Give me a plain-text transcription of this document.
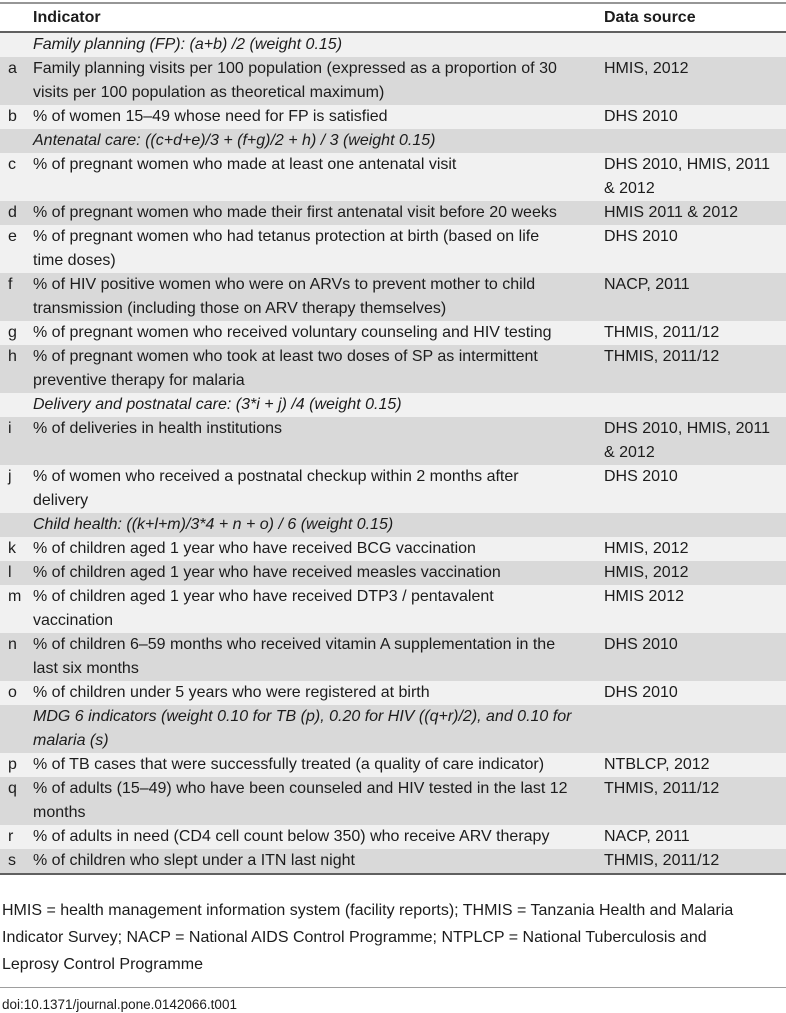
	Indicator	Data source
	Family planning (FP): (a+b) /2 (weight 0.15)	
a	Family planning visits per 100 population (expressed as a proportion of 30 visits per 100 population as theoretical maximum)	HMIS, 2012
b	% of women 15–49 whose need for FP is satisfied	DHS 2010
	Antenatal care: ((c+d+e)/3 + (f+g)/2 + h) / 3 (weight 0.15)	
c	% of pregnant women who made at least one antenatal visit	DHS 2010, HMIS, 2011 & 2012
d	% of pregnant women who made their first antenatal visit before 20 weeks	HMIS 2011 & 2012
e	% of pregnant women who had tetanus protection at birth (based on life time doses)	DHS 2010
f	% of HIV positive women who were on ARVs to prevent mother to child transmission (including those on ARV therapy themselves)	NACP, 2011
g	% of pregnant women who received voluntary counseling and HIV testing	THMIS, 2011/12
h	% of pregnant women who took at least two doses of SP as intermittent preventive therapy for malaria	THMIS, 2011/12
	Delivery and postnatal care: (3*i + j) /4 (weight 0.15)	
i	% of deliveries in health institutions	DHS 2010, HMIS, 2011 & 2012
j	% of women who received a postnatal checkup within 2 months after delivery	DHS 2010
	Child health: ((k+l+m)/3*4 + n + o) / 6 (weight 0.15)	
k	% of children aged 1 year who have received BCG vaccination	HMIS, 2012
l	% of children aged 1 year who have received measles vaccination	HMIS, 2012
m	% of children aged 1 year who have received DTP3 / pentavalent vaccination	HMIS 2012
n	% of children 6–59 months who received vitamin A supplementation in the last six months	DHS 2010
o	% of children under 5 years who were registered at birth	DHS 2010
	MDG 6 indicators (weight 0.10 for TB (p), 0.20 for HIV ((q+r)/2), and 0.10 for malaria (s)	
p	% of TB cases that were successfully treated (a quality of care indicator)	NTBLCP, 2012
q	% of adults (15–49) who have been counseled and HIV tested in the last 12 months	THMIS, 2011/12
r	% of adults in need (CD4 cell count below 350) who receive ARV therapy	NACP, 2011
s	% of children who slept under a ITN last night	THMIS, 2011/12
HMIS = health management information system (facility reports); THMIS = Tanzania Health and Malaria Indicator Survey; NACP = National AIDS Control Programme; NTPLCP = National Tuberculosis and Leprosy Control Programme
doi:10.1371/journal.pone.0142066.t001
